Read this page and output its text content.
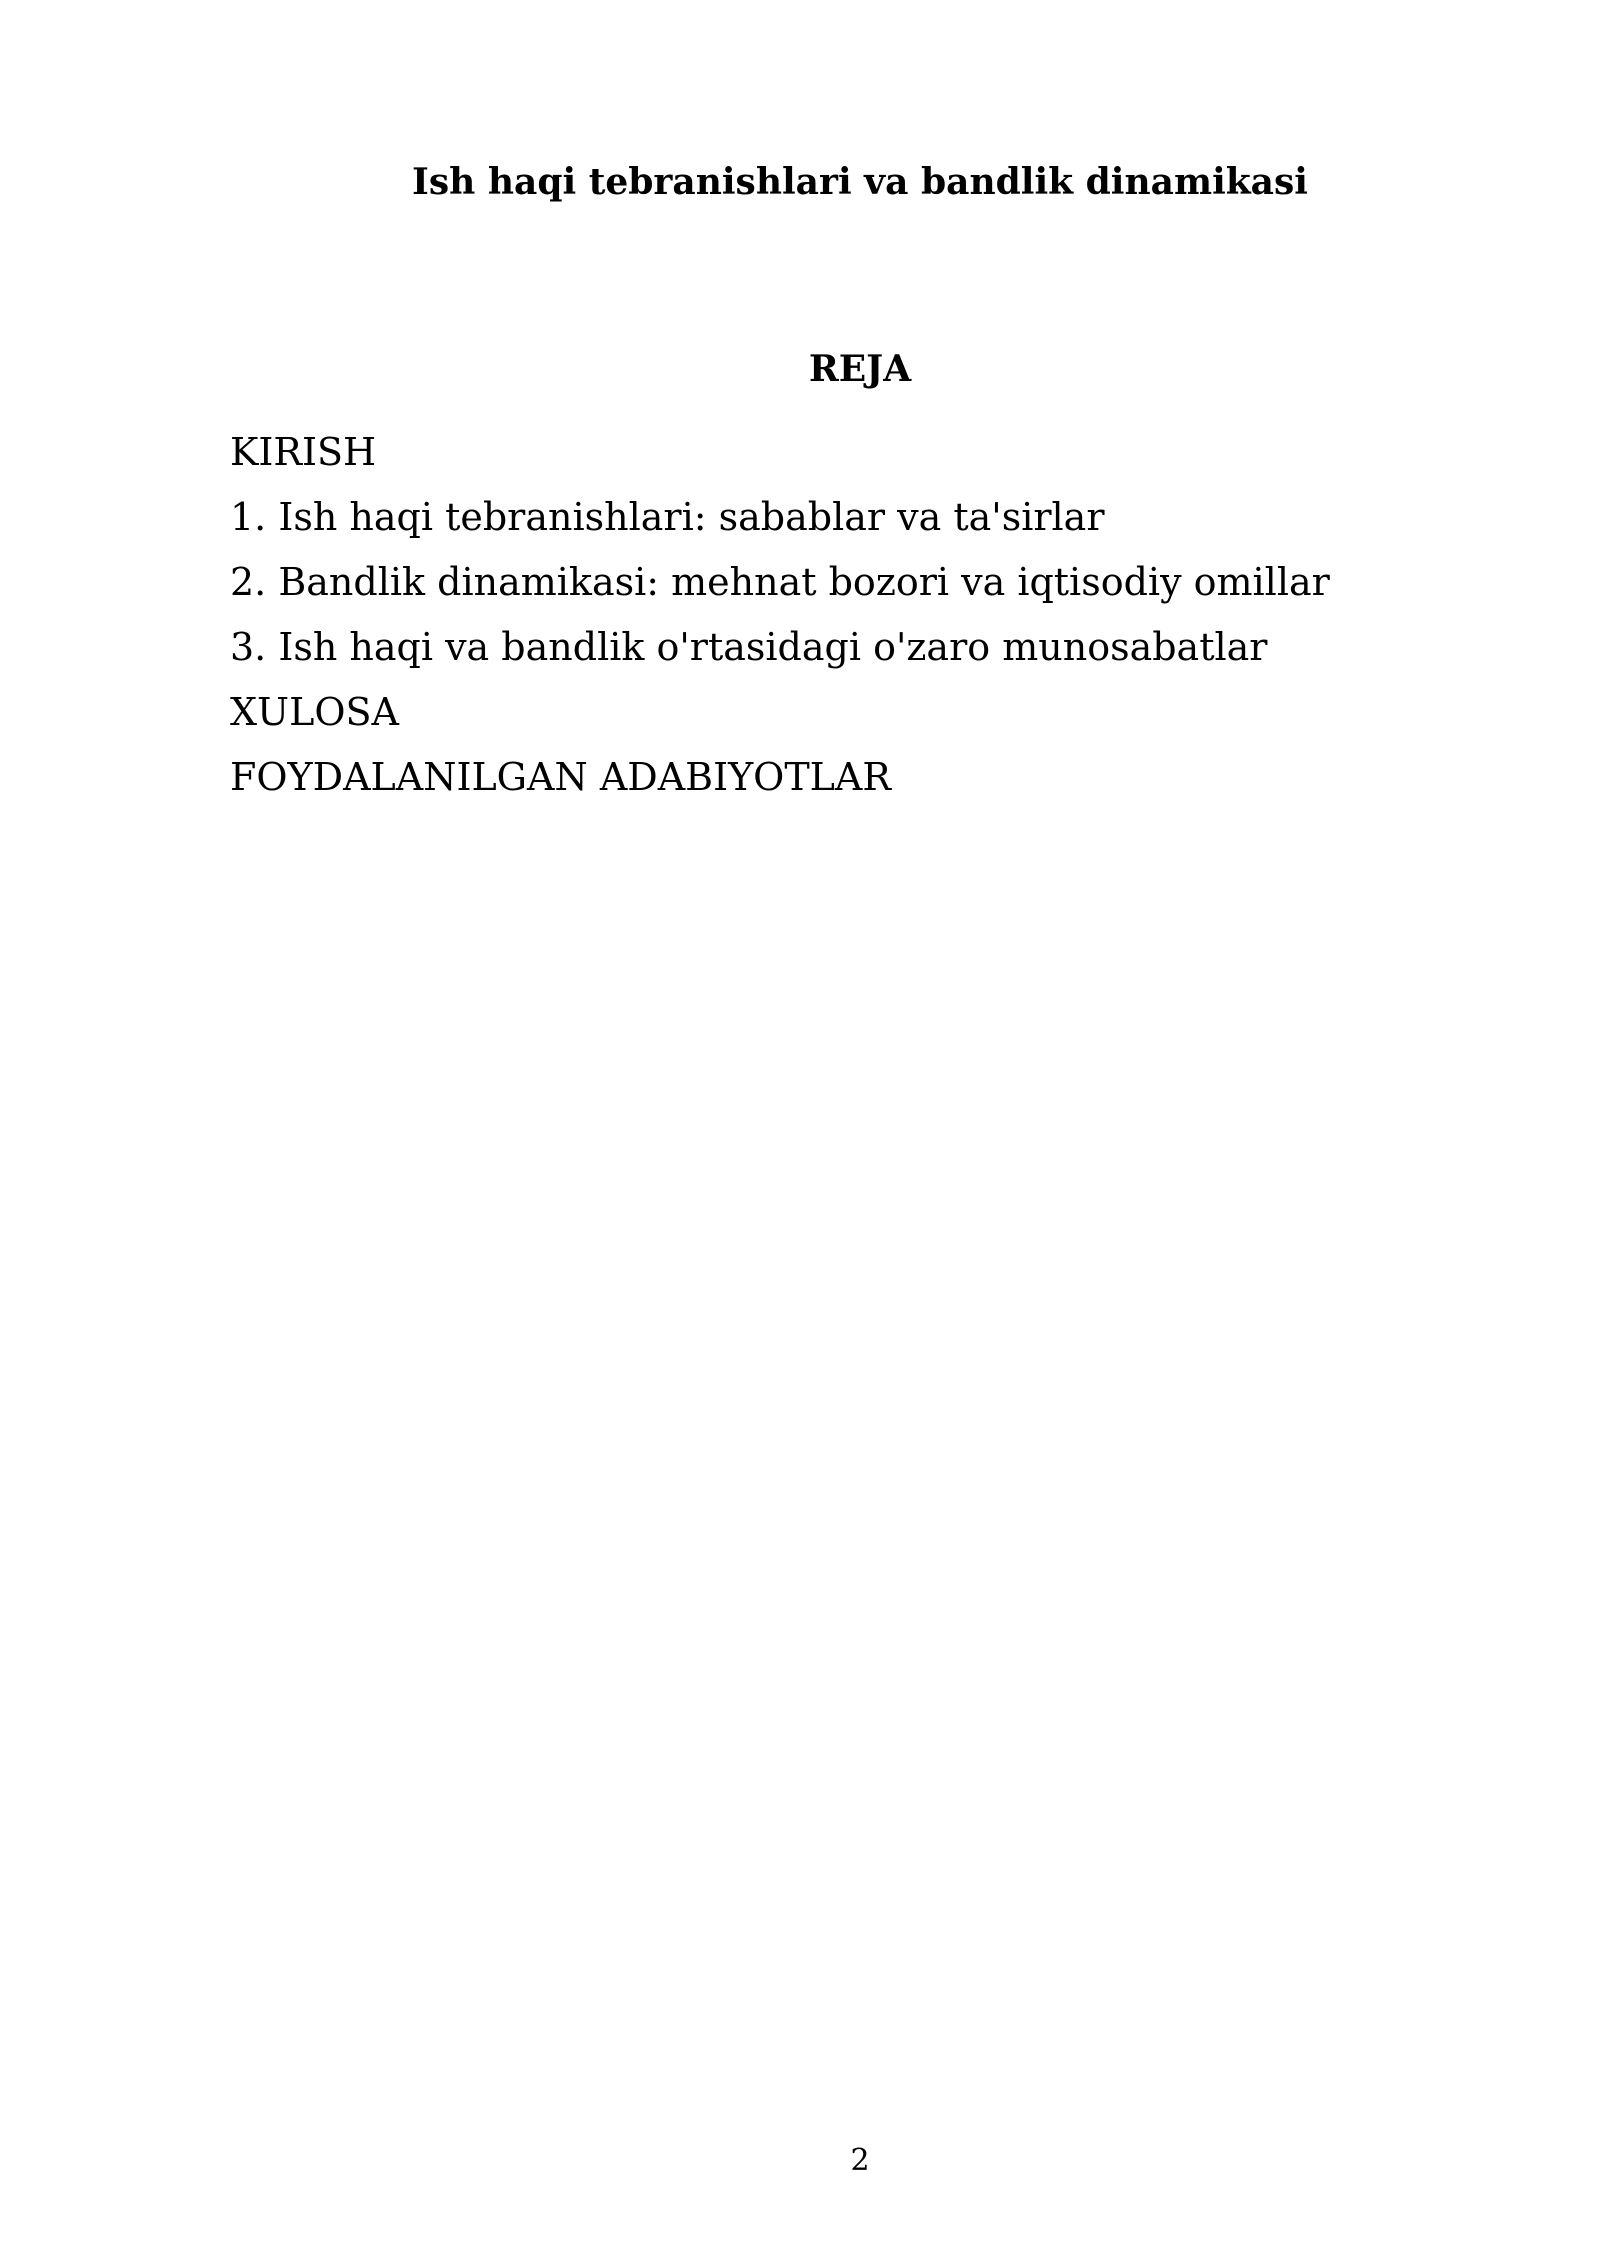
Ish haqi tebranishlari va bandlik dinamikasi
REJA
KIRISH
1. Ish haqi tebranishlari: sabablar va ta'sirlar
2. Bandlik dinamikasi: mehnat bozori va iqtisodiy omillar
3. Ish haqi va bandlik o'rtasidagi o'zaro munosabatlar
XULOSA
FOYDALANILGAN ADABIYOTLAR
2
